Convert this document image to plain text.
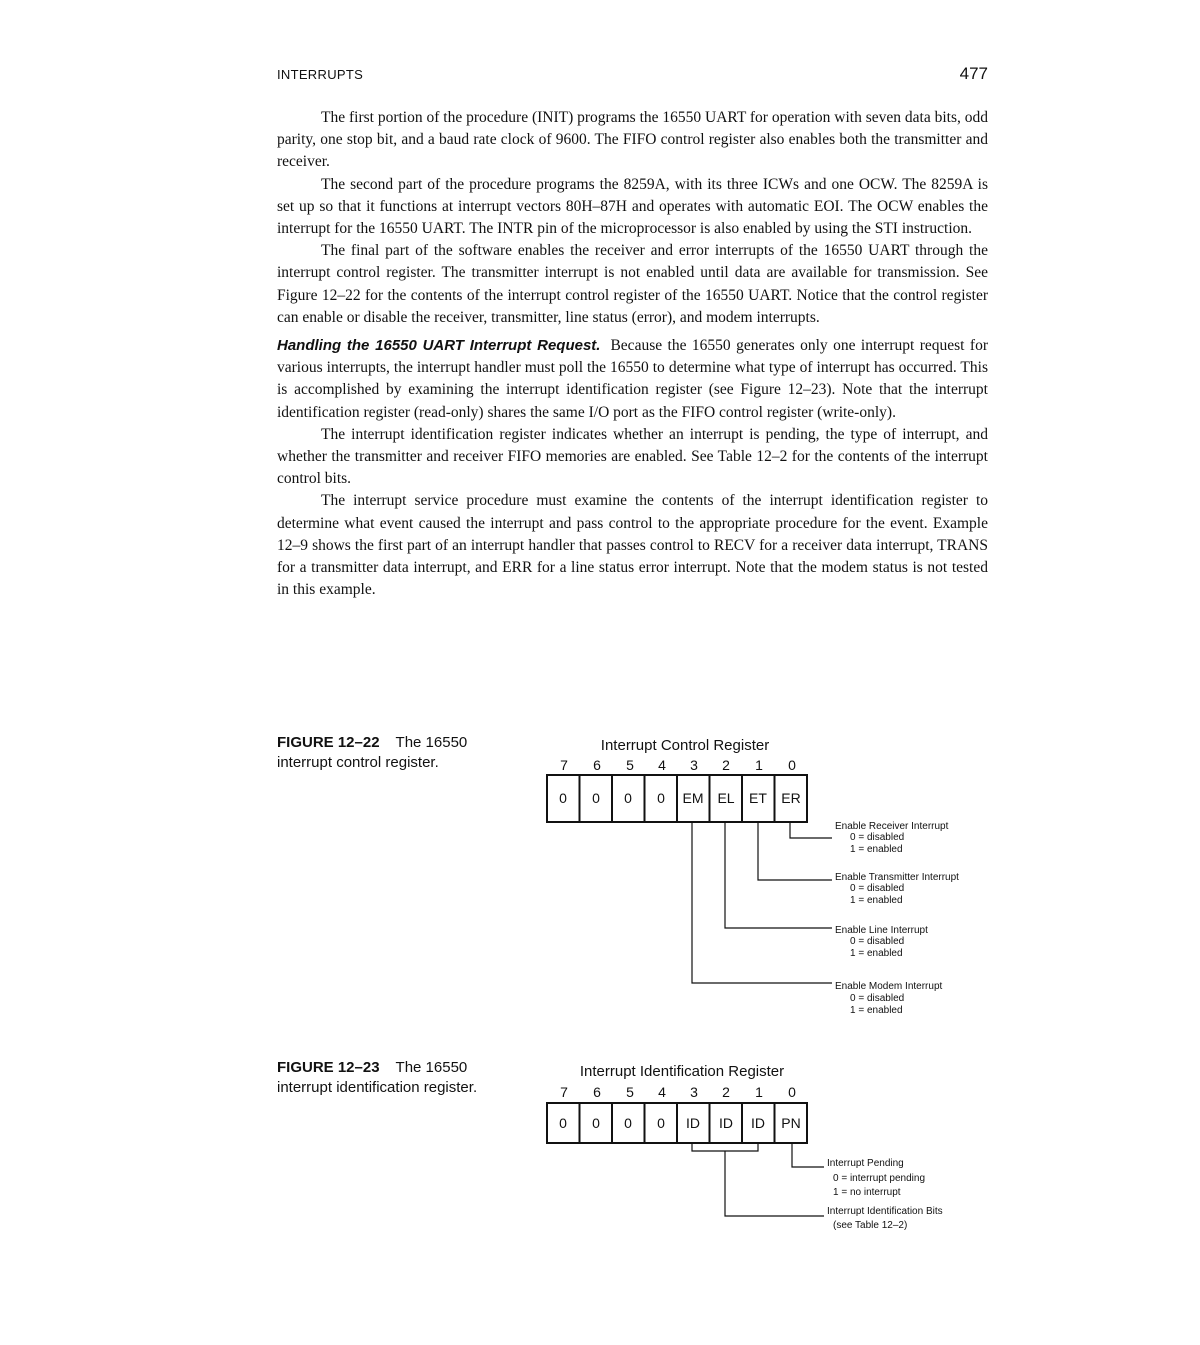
INTERRUPTS	477

The first portion of the procedure (INIT) programs the 16550 UART for operation with seven data bits, odd parity, one stop bit, and a baud rate clock of 9600. The FIFO control register also enables both the transmitter and receiver.

The second part of the procedure programs the 8259A, with its three ICWs and one OCW. The 8259A is set up so that it functions at interrupt vectors 80H–87H and operates with automatic EOI. The OCW enables the interrupt for the 16550 UART. The INTR pin of the microprocessor is also enabled by using the STI instruction.

The final part of the software enables the receiver and error interrupts of the 16550 UART through the interrupt control register. The transmitter interrupt is not enabled until data are available for transmission. See Figure 12–22 for the contents of the interrupt control register of the 16550 UART. Notice that the control register can enable or disable the receiver, transmitter, line status (error), and modem interrupts.

Handling the 16550 UART Interrupt Request. Because the 16550 generates only one interrupt request for various interrupts, the interrupt handler must poll the 16550 to determine what type of interrupt has occurred. This is accomplished by examining the interrupt identification register (see Figure 12–23). Note that the interrupt identification register (read-only) shares the same I/O port as the FIFO control register (write-only).

The interrupt identification register indicates whether an interrupt is pending, the type of interrupt, and whether the transmitter and receiver FIFO memories are enabled. See Table 12–2 for the contents of the interrupt control bits.

The interrupt service procedure must examine the contents of the interrupt identification register to determine what event caused the interrupt and pass control to the appropriate procedure for the event. Example 12–9 shows the first part of an interrupt handler that passes control to RECV for a receiver data interrupt, TRANS for a transmitter data interrupt, and ERR for a line status error interrupt. Note that the modem status is not tested in this example.

FIGURE 12–22 The 16550 interrupt control register.
Interrupt Control Register
7 6 5 4 3 2 1 0
0 0 0 0 EM EL ET ER
Enable Receiver Interrupt
0 = disabled
1 = enabled
Enable Transmitter Interrupt
0 = disabled
1 = enabled
Enable Line Interrupt
0 = disabled
1 = enabled
Enable Modem Interrupt
0 = disabled
1 = enabled
FIGURE 12–23 The 16550 interrupt identification register.
Interrupt Identification Register
7 6 5 4 3 2 1 0
0 0 0 0 ID ID ID PN
Interrupt Pending
0 = interrupt pending
1 = no interrupt
Interrupt Identification Bits
(see Table 12–2)
